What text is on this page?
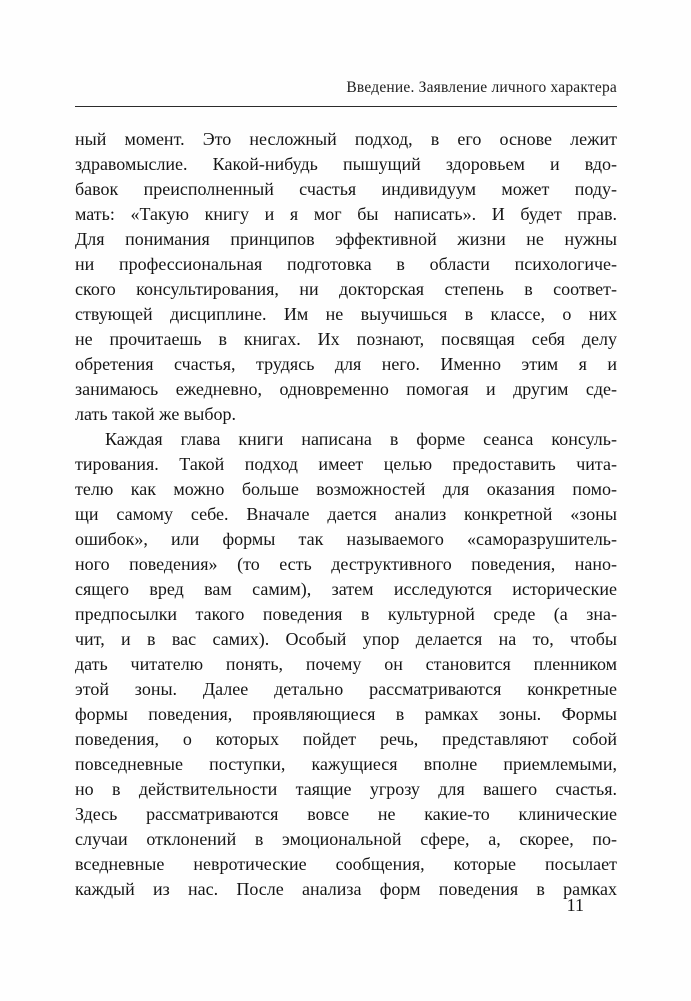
Введение. Заявление личного характера
ный момент. Это несложный подход, в его основе лежит
здравомыслие. Какой-нибудь пышущий здоровьем и вдо-
бавок преисполненный счастья индивидуум может поду-
мать: «Такую книгу и я мог бы написать». И будет прав.
Для понимания принципов эффективной жизни не нужны
ни профессиональная подготовка в области психологиче-
ского консультирования, ни докторская степень в соответ-
ствующей дисциплине. Им не выучишься в классе, о них
не прочитаешь в книгах. Их познают, посвящая себя делу
обретения счастья, трудясь для него. Именно этим я и
занимаюсь ежедневно, одновременно помогая и другим сде-
лать такой же выбор.
Каждая глава книги написана в форме сеанса консуль-
тирования. Такой подход имеет целью предоставить чита-
телю как можно больше возможностей для оказания помо-
щи самому себе. Вначале дается анализ конкретной «зоны
ошибок», или формы так называемого «саморазрушитель-
ного поведения» (то есть деструктивного поведения, нано-
сящего вред вам самим), затем исследуются исторические
предпосылки такого поведения в культурной среде (а зна-
чит, и в вас самих). Особый упор делается на то, чтобы
дать читателю понять, почему он становится пленником
этой зоны. Далее детально рассматриваются конкретные
формы поведения, проявляющиеся в рамках зоны. Формы
поведения, о которых пойдет речь, представляют собой
повседневные поступки, кажущиеся вполне приемлемыми,
но в действительности таящие угрозу для вашего счастья.
Здесь рассматриваются вовсе не какие-то клинические
случаи отклонений в эмоциональной сфере, а, скорее, по-
вседневные невротические сообщения, которые посылает
каждый из нас. После анализа форм поведения в рамках
11
